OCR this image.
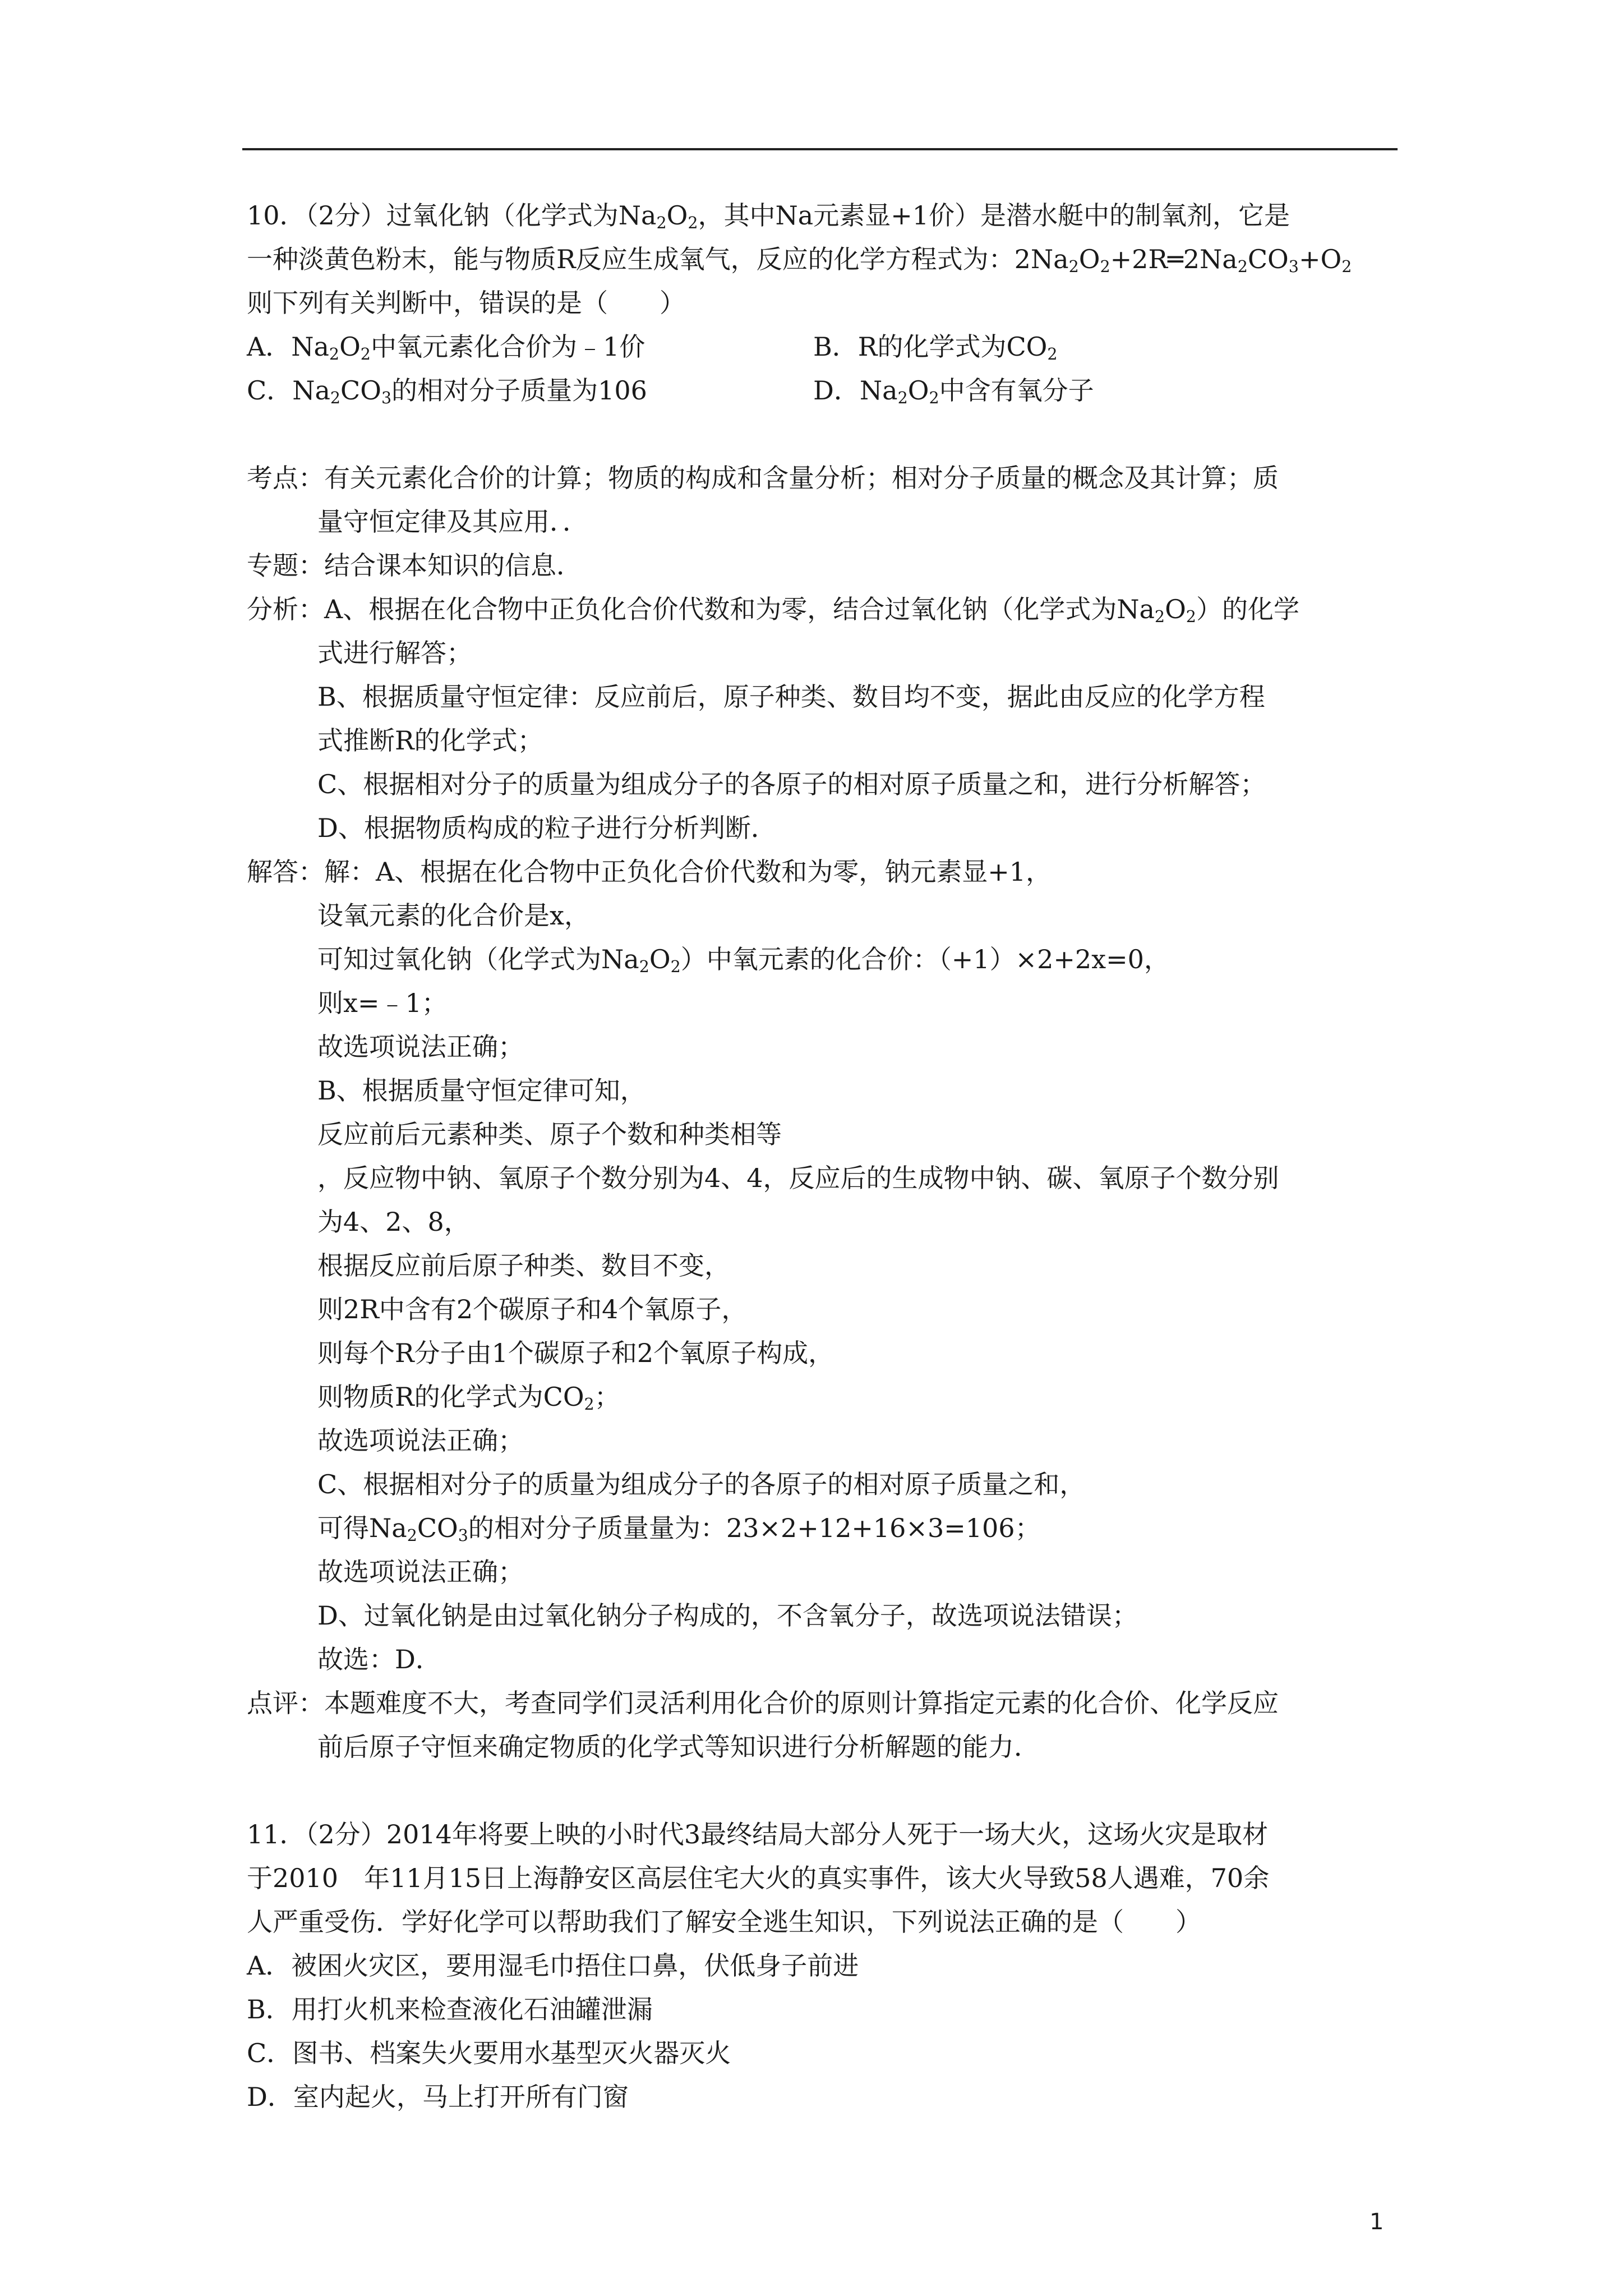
10．（2分）过氧化钠（化学式为$Na_2O_2$，其中Na元素显+1价）是潜水艇中的制氧剂，它是
一种淡黄色粉末，能与物质R反应生成氧气，反应的化学方程式为：$2Na_2O_2+2R═2Na_2CO_3+O_2$
则下列有关判断中，错误的是（　　）
A．$Na_2O_2$中氧元素化合价为﹣1价	B．R的化学式为$CO_2$
C．$Na_2CO_3$的相对分子质量为106	D．$Na_2O_2$中含有氧分子
考点：有关元素化合价的计算；物质的构成和含量分析；相对分子质量的概念及其计算；质
量守恒定律及其应用．．
专题：结合课本知识的信息．
分析：A、根据在化合物中正负化合价代数和为零，结合过氧化钠（化学式为$Na_2O_2$）的化学
式进行解答；
B、根据质量守恒定律：反应前后，原子种类、数目均不变，据此由反应的化学方程
式推断R的化学式；
C、根据相对分子的质量为组成分子的各原子的相对原子质量之和，进行分析解答；
D、根据物质构成的粒子进行分析判断．
解答：解：A、根据在化合物中正负化合价代数和为零，钠元素显+1，
设氧元素的化合价是x，
可知过氧化钠（化学式为$Na_2O_2$）中氧元素的化合价：（+1）×2+2x=0，
则x=﹣1；
故选项说法正确；
B、根据质量守恒定律可知，
反应前后元素种类、原子个数和种类相等
，反应物中钠、氧原子个数分别为4、4，反应后的生成物中钠、碳、氧原子个数分别
为4、2、8，
根据反应前后原子种类、数目不变，
则2R中含有2个碳原子和4个氧原子，
则每个R分子由1个碳原子和2个氧原子构成，
则物质R的化学式为$CO_2$；
故选项说法正确；
C、根据相对分子的质量为组成分子的各原子的相对原子质量之和，
可得$Na_2CO_3$的相对分子质量量为：23×2+12+16×3=106；
故选项说法正确；
D、过氧化钠是由过氧化钠分子构成的，不含氧分子，故选项说法错误；
故选：D．
点评：本题难度不大，考查同学们灵活利用化合价的原则计算指定元素的化合价、化学反应
前后原子守恒来确定物质的化学式等知识进行分析解题的能力．
11．（2分）2014年将要上映的小时代3最终结局大部分人死于一场大火，这场火灾是取材
于2010　年11月15日上海静安区高层住宅大火的真实事件，该大火导致58人遇难，70余
人严重受伤．学好化学可以帮助我们了解安全逃生知识，下列说法正确的是（　　）
A．被困火灾区，要用湿毛巾捂住口鼻，伏低身子前进
B．用打火机来检查液化石油罐泄漏
C．图书、档案失火要用水基型灭火器灭火
D．室内起火，马上打开所有门窗
1
